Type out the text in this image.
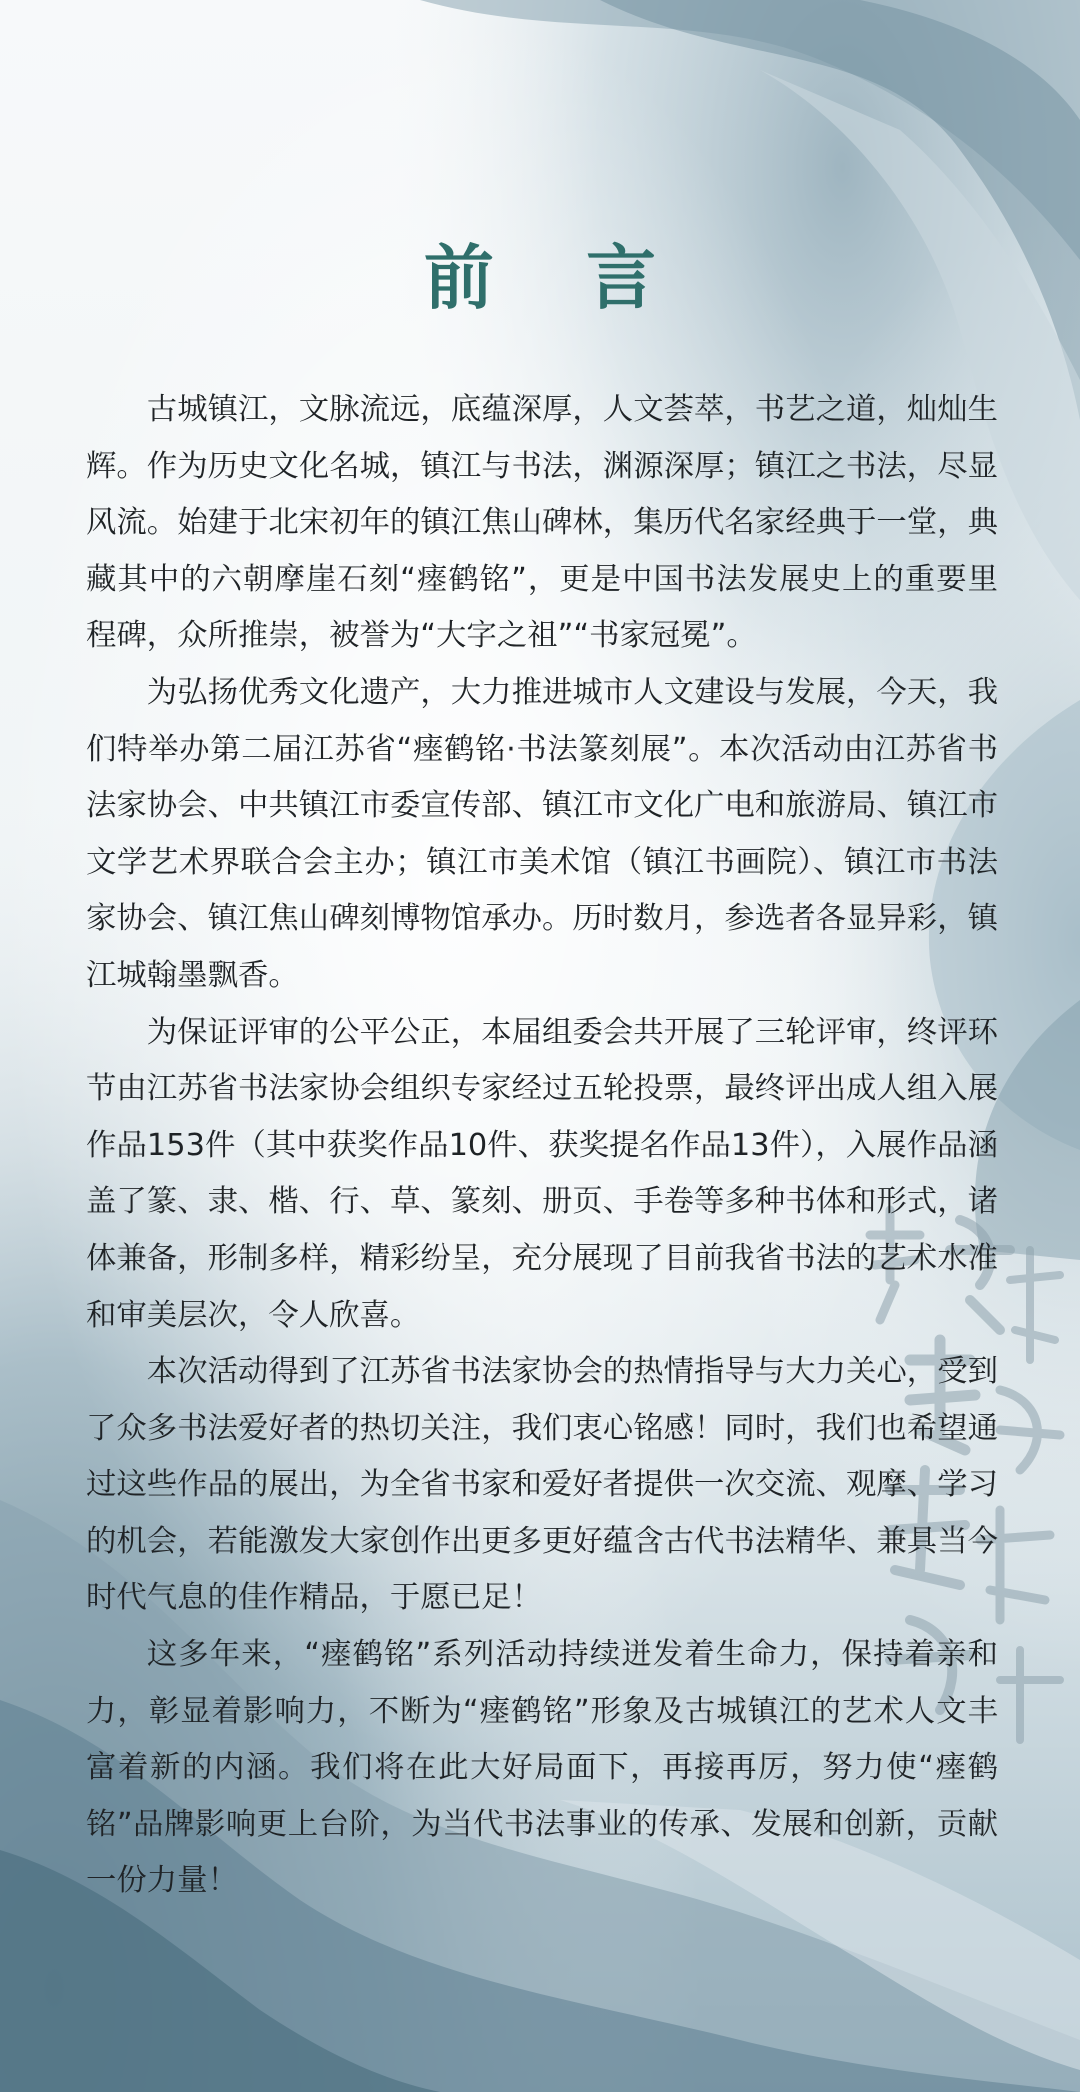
前 言

古城镇江，文脉流远，底蕴深厚，人文荟萃，书艺之道，灿灿生辉。作为历史文化名城，镇江与书法，渊源深厚；镇江之书法，尽显风流。始建于北宋初年的镇江焦山碑林，集历代名家经典于一堂，典藏其中的六朝摩崖石刻“瘗鹤铭”，更是中国书法发展史上的重要里程碑，众所推崇，被誉为“大字之祖”“书家冠冕”。

为弘扬优秀文化遗产，大力推进城市人文建设与发展，今天，我们特举办第二届江苏省“瘗鹤铭·书法篆刻展”。本次活动由江苏省书法家协会、中共镇江市委宣传部、镇江市文化广电和旅游局、镇江市文学艺术界联合会主办；镇江市美术馆（镇江书画院）、镇江市书法家协会、镇江焦山碑刻博物馆承办。历时数月，参选者各显异彩，镇江城翰墨飘香。

为保证评审的公平公正，本届组委会共开展了三轮评审，终评环节由江苏省书法家协会组织专家经过五轮投票，最终评出成人组入展作品153件（其中获奖作品10件、获奖提名作品13件），入展作品涵盖了篆、隶、楷、行、草、篆刻、册页、手卷等多种书体和形式，诸体兼备，形制多样，精彩纷呈，充分展现了目前我省书法的艺术水准和审美层次，令人欣喜。

本次活动得到了江苏省书法家协会的热情指导与大力关心，受到了众多书法爱好者的热切关注，我们衷心铭感！同时，我们也希望通过这些作品的展出，为全省书家和爱好者提供一次交流、观摩、学习的机会，若能激发大家创作出更多更好蕴含古代书法精华、兼具当今时代气息的佳作精品，于愿已足！

这多年来，“瘗鹤铭”系列活动持续迸发着生命力，保持着亲和力，彰显着影响力，不断为“瘗鹤铭”形象及古城镇江的艺术人文丰富着新的内涵。我们将在此大好局面下，再接再厉，努力使“瘗鹤铭”品牌影响更上台阶，为当代书法事业的传承、发展和创新，贡献一份力量！
